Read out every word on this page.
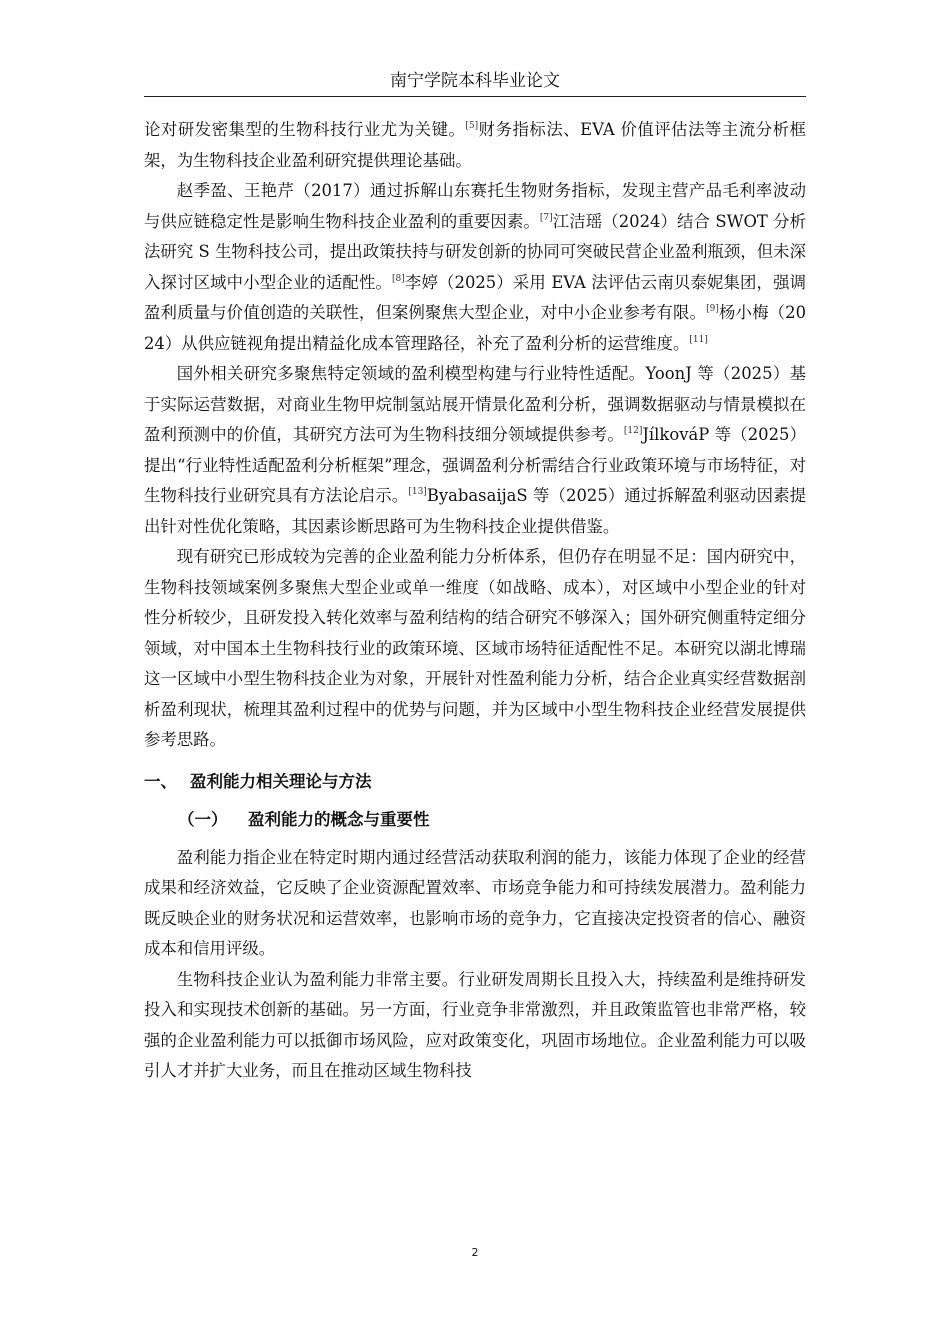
南宁学院本科毕业论文

论对研发密集型的生物科技行业尤为关键。[5]财务指标法、EVA 价值评估法等主流分析框架，为生物科技企业盈利研究提供理论基础。

赵季盈、王艳芹（2017）通过拆解山东赛托生物财务指标，发现主营产品毛利率波动与供应链稳定性是影响生物科技企业盈利的重要因素。[7]江洁瑶（2024）结合 SWOT 分析法研究 S 生物科技公司，提出政策扶持与研发创新的协同可突破民营企业盈利瓶颈，但未深入探讨区域中小型企业的适配性。[8]李婷（2025）采用 EVA 法评估云南贝泰妮集团，强调盈利质量与价值创造的关联性，但案例聚焦大型企业，对中小企业参考有限。[9]杨小梅（2024）从供应链视角提出精益化成本管理路径，补充了盈利分析的运营维度。[11]

国外相关研究多聚焦特定领域的盈利模型构建与行业特性适配。YoonJ 等（2025）基于实际运营数据，对商业生物甲烷制氢站展开情景化盈利分析，强调数据驱动与情景模拟在盈利预测中的价值，其研究方法可为生物科技细分领域提供参考。[12]JílkováP 等（2025）提出“行业特性适配盈利分析框架”理念，强调盈利分析需结合行业政策环境与市场特征，对生物科技行业研究具有方法论启示。[13]ByabasaijaS 等（2025）通过拆解盈利驱动因素提出针对性优化策略，其因素诊断思路可为生物科技企业提供借鉴。

现有研究已形成较为完善的企业盈利能力分析体系，但仍存在明显不足：国内研究中，生物科技领域案例多聚焦大型企业或单一维度（如战略、成本），对区域中小型企业的针对性分析较少，且研发投入转化效率与盈利结构的结合研究不够深入；国外研究侧重特定细分领域，对中国本土生物科技行业的政策环境、区域市场特征适配性不足。本研究以湖北博瑞这一区域中小型生物科技企业为对象，开展针对性盈利能力分析，结合企业真实经营数据剖析盈利现状，梳理其盈利过程中的优势与问题，并为区域中小型生物科技企业经营发展提供参考思路。

一、 盈利能力相关理论与方法
（一） 盈利能力的概念与重要性

盈利能力指企业在特定时期内通过经营活动获取利润的能力，该能力体现了企业的经营成果和经济效益，它反映了企业资源配置效率、市场竞争能力和可持续发展潜力。盈利能力既反映企业的财务状况和运营效率，也影响市场的竞争力，它直接决定投资者的信心、融资成本和信用评级。

生物科技企业认为盈利能力非常主要。行业研发周期长且投入大，持续盈利是维持研发投入和实现技术创新的基础。另一方面，行业竞争非常激烈，并且政策监管也非常严格，较强的企业盈利能力可以抵御市场风险，应对政策变化，巩固市场地位。企业盈利能力可以吸引人才并扩大业务，而且在推动区域生物科技

2
